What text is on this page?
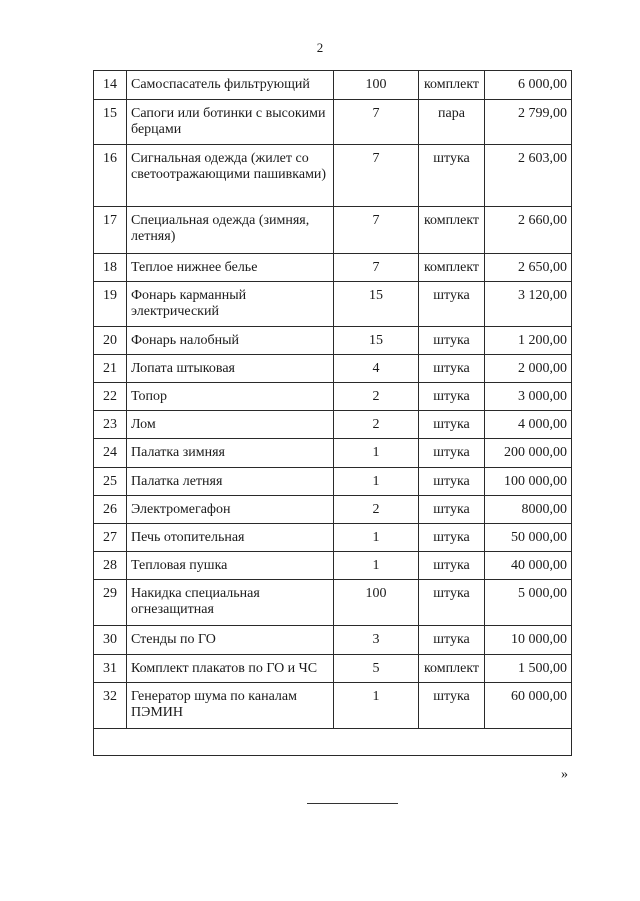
2
14	Самоспасатель фильтрующий	100	комплект	6 000,00
15	Сапоги или ботинки с высокими берцами	7	пара	2 799,00
16	Сигнальная одежда (жилет со светоотражающими пашивками)	7	штука	2 603,00
17	Специальная одежда (зимняя, летняя)	7	комплект	2 660,00
18	Теплое нижнее белье	7	комплект	2 650,00
19	Фонарь карманный электрический	15	штука	3 120,00
20	Фонарь налобный	15	штука	1 200,00
21	Лопата штыковая	4	штука	2 000,00
22	Топор	2	штука	3 000,00
23	Лом	2	штука	4 000,00
24	Палатка зимняя	1	штука	200 000,00
25	Палатка летняя	1	штука	100 000,00
26	Электромегафон	2	штука	8000,00
27	Печь отопительная	1	штука	50 000,00
28	Тепловая пушка	1	штука	40 000,00
29	Накидка специальная огнезащитная	100	штука	5 000,00
30	Стенды по ГО	3	штука	10 000,00
31	Комплект плакатов по ГО и ЧС	5	комплект	1 500,00
32	Генератор шума по каналам ПЭМИН	1	штука	60 000,00

»
